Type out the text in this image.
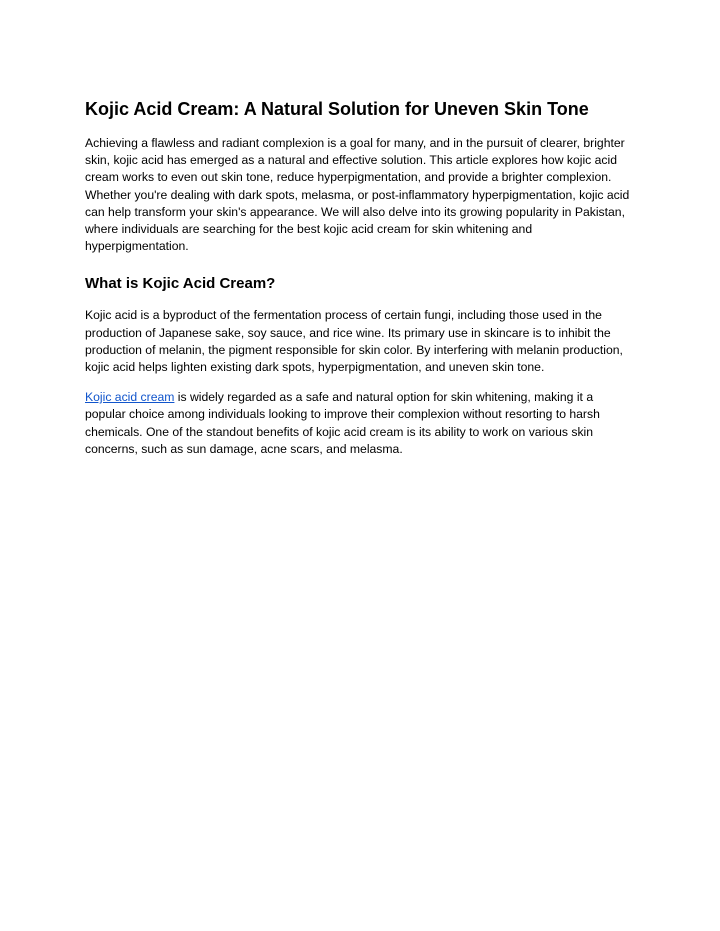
Kojic Acid Cream: A Natural Solution for Uneven Skin Tone

Achieving a flawless and radiant complexion is a goal for many, and in the pursuit of clearer, brighter skin, kojic acid has emerged as a natural and effective solution. This article explores how kojic acid cream works to even out skin tone, reduce hyperpigmentation, and provide a brighter complexion. Whether you're dealing with dark spots, melasma, or post-inflammatory hyperpigmentation, kojic acid can help transform your skin's appearance. We will also delve into its growing popularity in Pakistan, where individuals are searching for the best kojic acid cream for skin whitening and hyperpigmentation.

What is Kojic Acid Cream?

Kojic acid is a byproduct of the fermentation process of certain fungi, including those used in the production of Japanese sake, soy sauce, and rice wine. Its primary use in skincare is to inhibit the production of melanin, the pigment responsible for skin color. By interfering with melanin production, kojic acid helps lighten existing dark spots, hyperpigmentation, and uneven skin tone.

Kojic acid cream is widely regarded as a safe and natural option for skin whitening, making it a popular choice among individuals looking to improve their complexion without resorting to harsh chemicals. One of the standout benefits of kojic acid cream is its ability to work on various skin concerns, such as sun damage, acne scars, and melasma.
